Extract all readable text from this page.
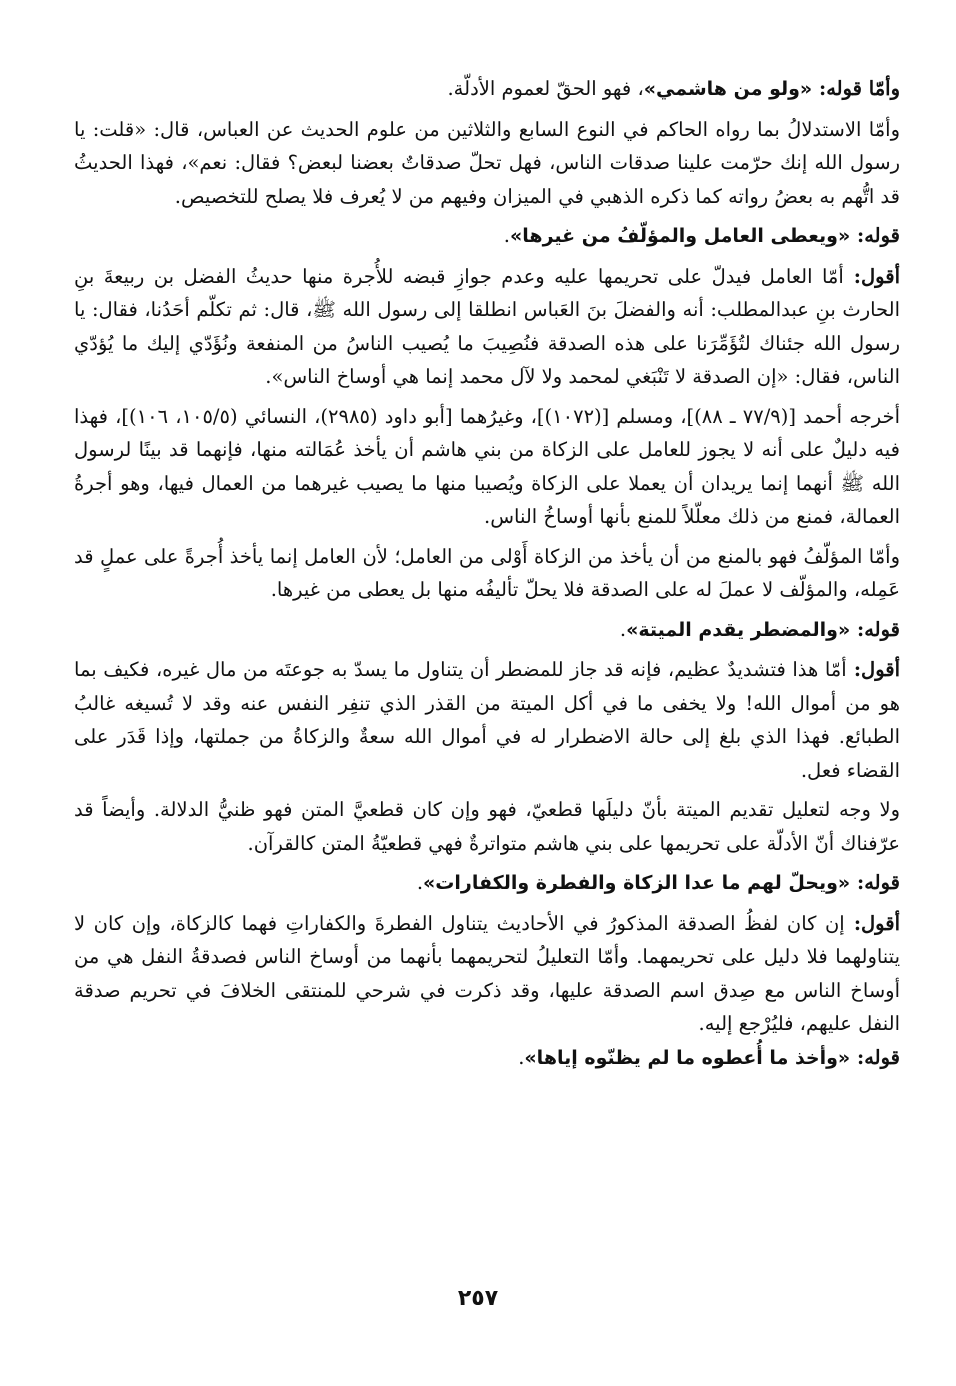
وأمّا قوله: «ولو من هاشمي»، فهو الحقّ لعموم الأدلّة.

وأمّا الاستدلالُ بما رواه الحاكم في النوع السابع والثلاثين من علوم الحديث عن العباس، قال: «قلت: يا رسول الله إنك حرّمت علينا صدقات الناس، فهل تحلّ صدقاتٌ بعضنا لبعض؟ فقال: نعم»، فهذا الحديثُ قد اتُّهم به بعضُ رواته كما ذكره الذهبي في الميزان وفيهم من لا يُعرف فلا يصلح للتخصيص.

قوله: «ويعطى العامل والمؤلّفُ من غيرها».

أقول: أمّا العامل فيدلّ على تحريمها عليه وعدم جوازِ قبضه للأُجرة منها حديثُ الفضل بن ربيعةَ بنِ الحارث بنِ عبدالمطلب: أنه والفضلَ بنَ العَباس انطلقا إلى رسول الله ﷺ، قال: ثم تكلّم أحَدُنا، فقال: يا رسول الله جئناك لتُؤَمِّرَنا على هذه الصدقة فنُصِيبَ ما يُصيب الناسُ من المنفعة ونُؤَدّي إليك ما يُؤدّي الناس، فقال: «إن الصدقة لا تَنْبَغي لمحمد ولا لآل محمد إنما هي أوساخ الناس».

أخرجه أحمد [(٧٧/٩ ـ ٨٨)]، ومسلم [(١٠٧٢)]، وغيرُهما [أبو داود (٢٩٨٥)، النسائي (١٠٥/٥، ١٠٦)]، فهذا فيه دليلٌ على أنه لا يجوز للعامل على الزكاة من بني هاشم أن يأخذ عُمَالته منها، فإنهما قد بينًا لرسول الله ﷺ أنهما إنما يريدان أن يعملا على الزكاة ويُصيبا منها ما يصيب غيرهما من العمال فيها، وهو أجرةُ العمالة، فمنع من ذلك معلّلاً للمنع بأنها أوساخُ الناس.

وأمّا المؤلّفُ فهو بالمنع من أن يأخذ من الزكاة أَوْلى من العامل؛ لأن العامل إنما يأخذ أُجرةً على عملٍ قد عَمِله، والمؤلّف لا عملَ له على الصدقة فلا يحلّ تأليفُه منها بل يعطى من غيرها.

قوله: «والمضطر يقدم الميتة».

أقول: أمّا هذا فتشديدٌ عظيم، فإنه قد جاز للمضطر أن يتناول ما يسدّ به جوعتَه من مال غيره، فكيف بما هو من أموال الله! ولا يخفى ما في أكل الميتة من القذر الذي تنفِر النفس عنه وقد لا تُسيغه غالبُ الطبائع. فهذا الذي بلغ إلى حالة الاضطرار له في أموال الله سعةٌ والزكاةُ من جملتها، وإذا قَدَر على القضاء فعل.

ولا وجه لتعليل تقديم الميتة بأنّ دليلَها قطعيّ، فهو وإن كان قطعيَّ المتن فهو ظنيُّ الدلالة. وأيضاً قد عرّفناك أنّ الأدلّة على تحريمها على بني هاشم متواترةٌ فهي قطعيّةُ المتن كالقرآن.

قوله: «ويحلّ لهم ما عدا الزكاة والفطرة والكفارات».

أقول: إن كان لفظُ الصدقة المذكورُ في الأحاديث يتناول الفطرةَ والكفاراتِ فهما كالزكاة، وإن كان لا يتناولهما فلا دليل على تحريمهما. وأمّا التعليلُ لتحريمهما بأنهما من أوساخ الناس فصدقةُ النفل هي من أوساخ الناس مع صِدق اسم الصدقة عليها، وقد ذكرت في شرحي للمنتقى الخلافَ في تحريم صدقة النفل عليهم، فليُرْجع إليه.

قوله: «وأخذ ما أُعطوه ما لم يظنّوه إياها».

٢٥٧
